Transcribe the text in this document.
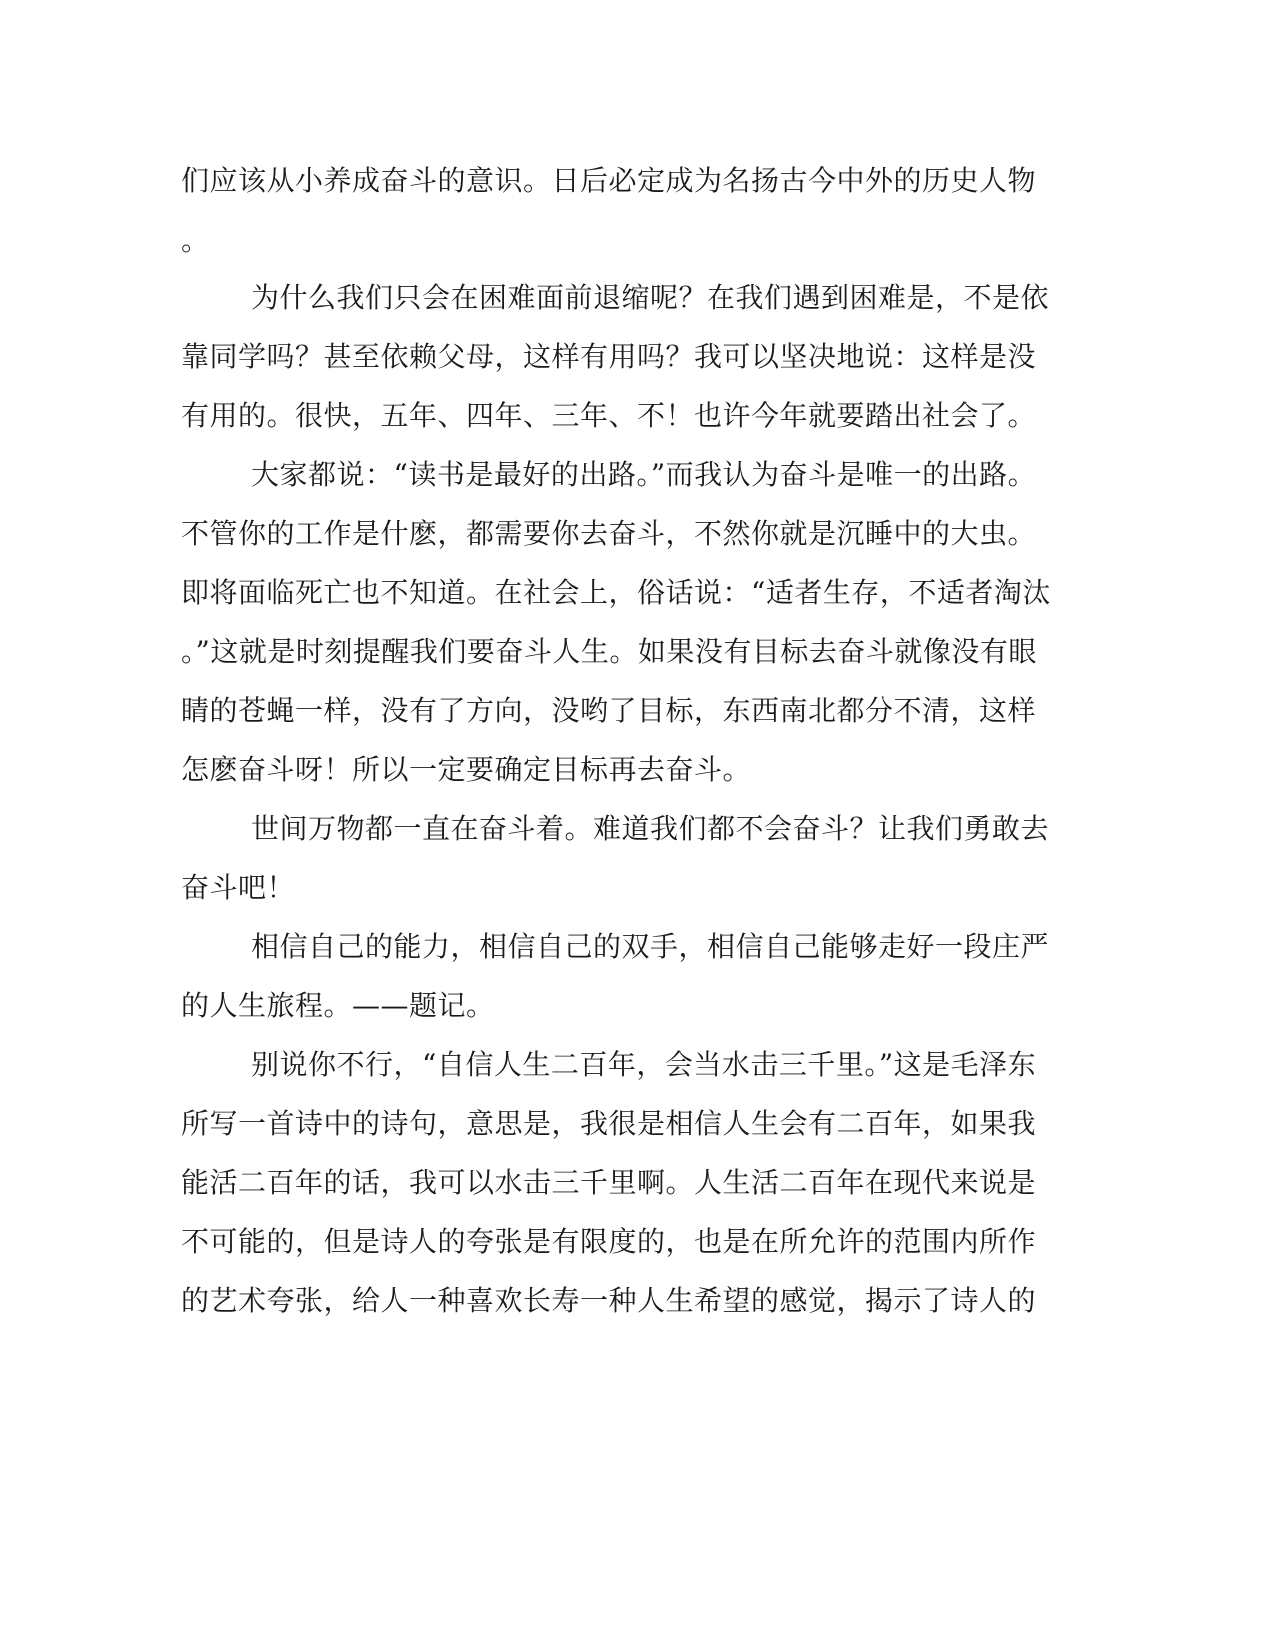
们应该从小养成奋斗的意识。日后必定成为名扬古今中外的历史人物
。
为什么我们只会在困难面前退缩呢？在我们遇到困难是，不是依
靠同学吗？甚至依赖父母，这样有用吗？我可以坚决地说：这样是没
有用的。很快，五年、四年、三年、不！也许今年就要踏出社会了。
大家都说：“读书是最好的出路。”而我认为奋斗是唯一的出路。
不管你的工作是什麽，都需要你去奋斗，不然你就是沉睡中的大虫。
即将面临死亡也不知道。在社会上，俗话说：“适者生存，不适者淘汰
。”这就是时刻提醒我们要奋斗人生。如果没有目标去奋斗就像没有眼
睛的苍蝇一样，没有了方向，没哟了目标，东西南北都分不清，这样
怎麽奋斗呀！所以一定要确定目标再去奋斗。
世间万物都一直在奋斗着。难道我们都不会奋斗？让我们勇敢去
奋斗吧！
相信自己的能力，相信自己的双手，相信自己能够走好一段庄严
的人生旅程。——题记。
别说你不行，“自信人生二百年，会当水击三千里。”这是毛泽东
所写一首诗中的诗句，意思是，我很是相信人生会有二百年，如果我
能活二百年的话，我可以水击三千里啊。人生活二百年在现代来说是
不可能的，但是诗人的夸张是有限度的，也是在所允许的范围内所作
的艺术夸张，给人一种喜欢长寿一种人生希望的感觉，揭示了诗人的
